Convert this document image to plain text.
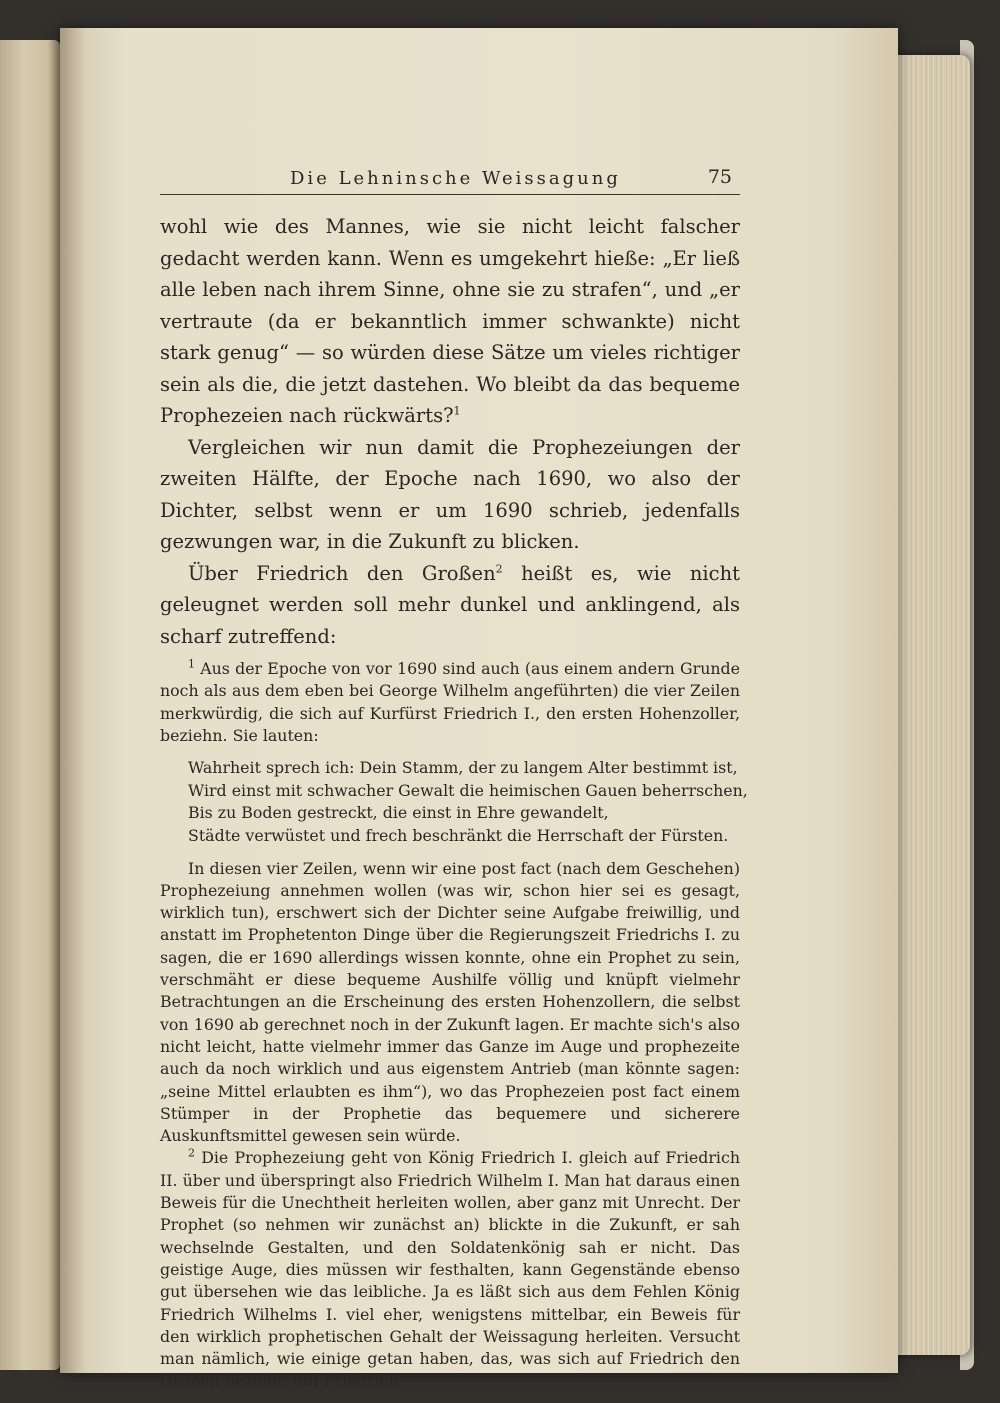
Die Lehninsche Weissagung	75

wohl wie des Mannes, wie sie nicht leicht falscher gedacht werden kann. Wenn es umgekehrt hieße: „Er ließ alle leben nach ihrem Sinne, ohne sie zu strafen“, und „er vertraute (da er bekanntlich immer schwankte) nicht stark genug“ — so würden diese Sätze um vieles richtiger sein als die, die jetzt dastehen. Wo bleibt da das bequeme Prophezeien nach rückwärts?$^1$

Vergleichen wir nun damit die Prophezeiungen der zweiten Hälfte, der Epoche nach 1690, wo also der Dichter, selbst wenn er um 1690 schrieb, jedenfalls gezwungen war, in die Zukunft zu blicken.

Über Friedrich den Großen$^2$ heißt es, wie nicht geleugnet werden soll mehr dunkel und anklingend, als scharf zutreffend:

$^1$ Aus der Epoche von vor 1690 sind auch (aus einem andern Grunde noch als aus dem eben bei George Wilhelm angeführten) die vier Zeilen merkwürdig, die sich auf Kurfürst Friedrich I., den ersten Hohenzoller, beziehn. Sie lauten:

Wahrheit sprech ich: Dein Stamm, der zu langem Alter bestimmt ist,
Wird einst mit schwacher Gewalt die heimischen Gauen beherrschen,
Bis zu Boden gestreckt, die einst in Ehre gewandelt,
Städte verwüstet und frech beschränkt die Herrschaft der Fürsten.

In diesen vier Zeilen, wenn wir eine post fact (nach dem Geschehen) Prophezeiung annehmen wollen (was wir, schon hier sei es gesagt, wirklich tun), erschwert sich der Dichter seine Aufgabe freiwillig, und anstatt im Prophetenton Dinge über die Regierungszeit Friedrichs I. zu sagen, die er 1690 allerdings wissen konnte, ohne ein Prophet zu sein, verschmäht er diese bequeme Aushilfe völlig und knüpft vielmehr Betrachtungen an die Erscheinung des ersten Hohenzollern, die selbst von 1690 ab gerechnet noch in der Zukunft lagen. Er machte sich's also nicht leicht, hatte vielmehr immer das Ganze im Auge und prophezeite auch da noch wirklich und aus eigenstem Antrieb (man könnte sagen: „seine Mittel erlaubten es ihm“), wo das Prophezeien post fact einem Stümper in der Prophetie das bequemere und sicherere Auskunftsmittel gewesen sein würde.

$^2$ Die Prophezeiung geht von König Friedrich I. gleich auf Friedrich II. über und überspringt also Friedrich Wilhelm I. Man hat daraus einen Beweis für die Unechtheit herleiten wollen, aber ganz mit Unrecht. Der Prophet (so nehmen wir zunächst an) blickte in die Zukunft, er sah wechselnde Gestalten, und den Soldatenkönig sah er nicht. Das geistige Auge, dies müssen wir festhalten, kann Gegenstände ebenso gut übersehen wie das leibliche. Ja es läßt sich aus dem Fehlen König Friedrich Wilhelms I. viel eher, wenigstens mittelbar, ein Beweis für den wirklich prophetischen Gehalt der Weissagung herleiten. Versucht man nämlich, wie einige getan haben, das, was sich auf Friedrich den Großen bezieht, auf Friedrich
